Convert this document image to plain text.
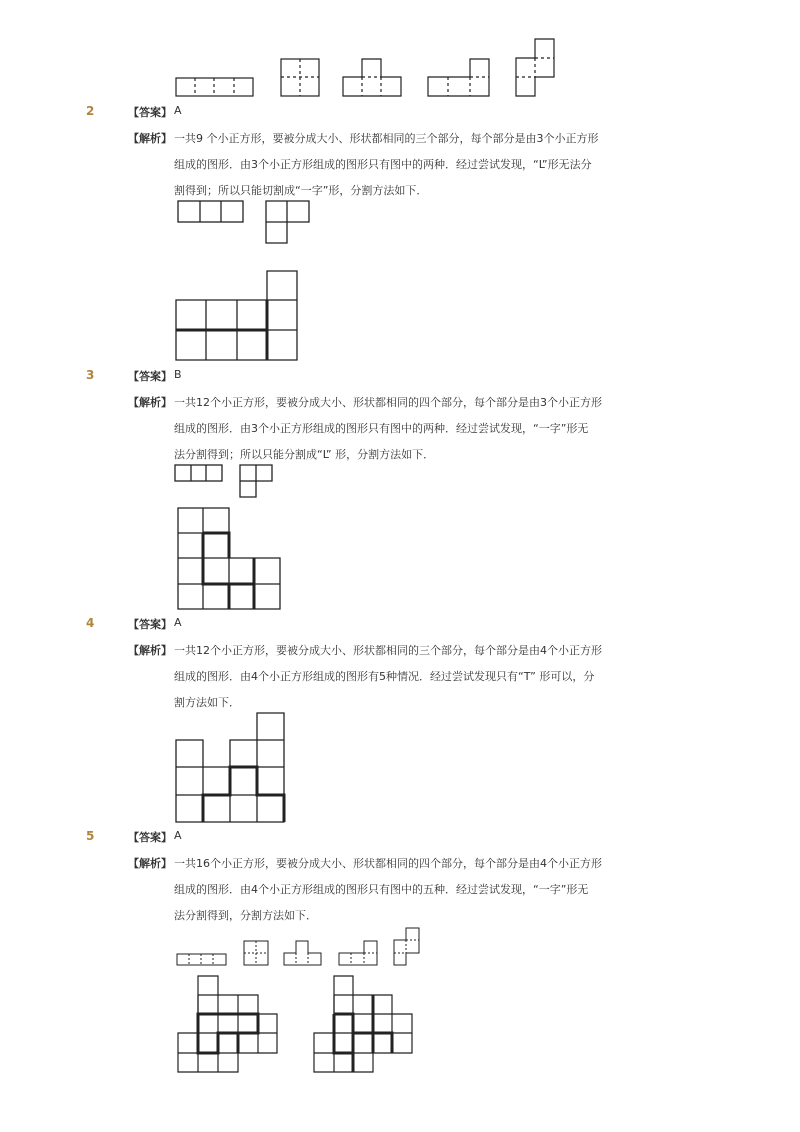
2	【答案】 A
【解析】 一共9 个小正方形，要被分成大小、形状都相同的三个部分，每个部分是由3个小正方形
组成的图形．由3个小正方形组成的图形只有图中的两种．经过尝试发现，“L”形无法分
割得到；所以只能切割成“一字”形，分割方法如下．
3	【答案】 B
【解析】 一共12个小正方形，要被分成大小、形状都相同的四个部分，每个部分是由3个小正方形
组成的图形．由3个小正方形组成的图形只有图中的两种．经过尝试发现，“一字”形无
法分割得到；所以只能分割成“L” 形，分割方法如下．
4	【答案】 A
【解析】 一共12个小正方形，要被分成大小、形状都相同的三个部分，每个部分是由4个小正方形
组成的图形．由4个小正方形组成的图形有5种情况．经过尝试发现只有“T” 形可以，分
割方法如下．
5	【答案】 A
【解析】 一共16个小正方形，要被分成大小、形状都相同的四个部分，每个部分是由4个小正方形
组成的图形．由4个小正方形组成的图形只有图中的五种．经过尝试发现，“一字”形无
法分割得到，分割方法如下．
